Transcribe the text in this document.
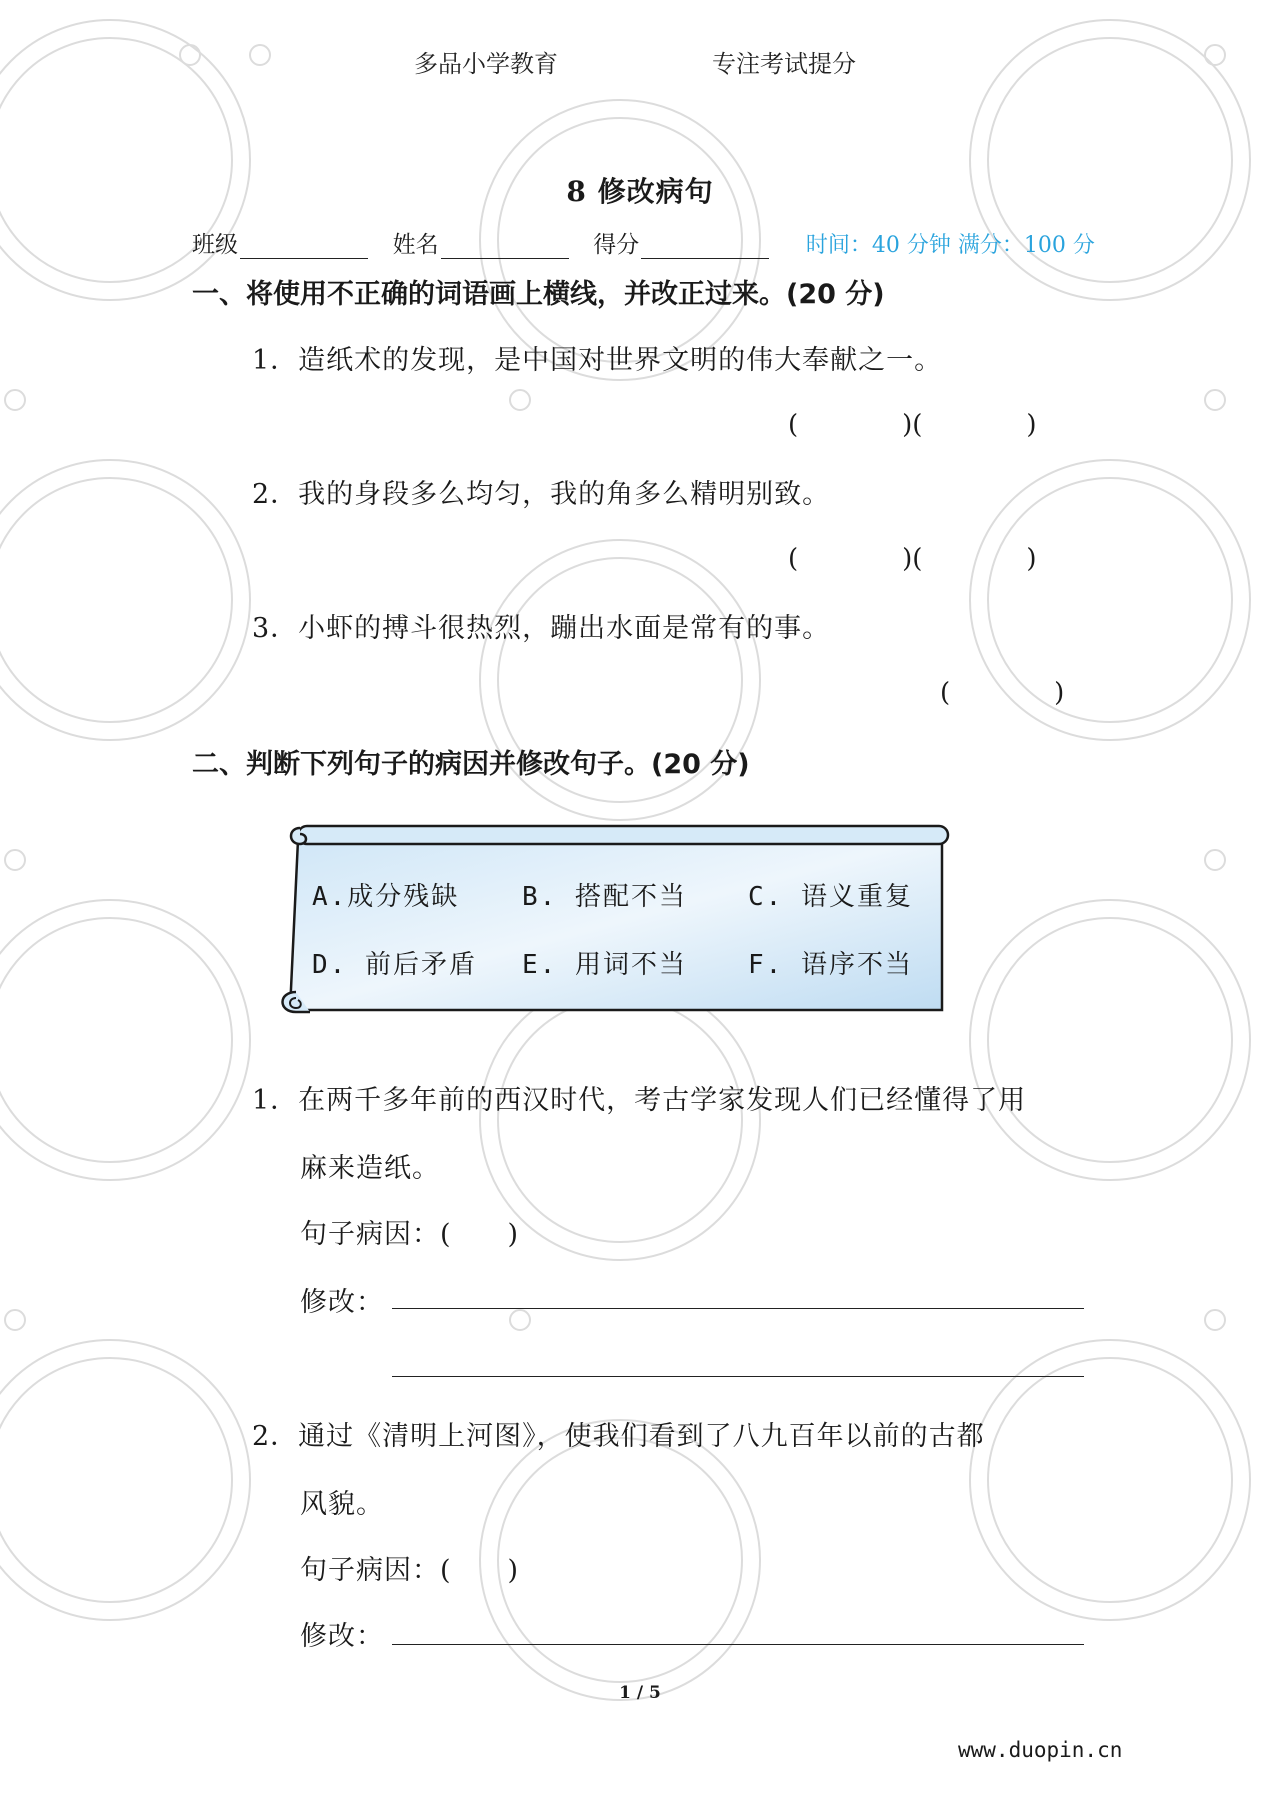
多品小学教育	专注考试提分
8 修改病句
班级	姓名	得分	时间：40 分钟 满分：100 分
一、将使用不正确的词语画上横线，并改正过来。(20 分)
1．造纸术的发现，是中国对世界文明的伟大奉献之一。
(　　　　)(　　　　)
2．我的身段多么均匀，我的角多么精明别致。
(　　　　)(　　　　)
3．小虾的搏斗很热烈，蹦出水面是常有的事。
(　　　　)
二、判断下列句子的病因并修改句子。(20 分)
A.成分残缺 B. 搭配不当 C. 语义重复
D. 前后矛盾 E. 用词不当 F. 语序不当
1．在两千多年前的西汉时代，考古学家发现人们已经懂得了用
麻来造纸。
句子病因：(　　)
修改：
2．通过《清明上河图》，使我们看到了八九百年以前的古都
风貌。
句子病因：(　　)
修改：
1 / 5
www.duopin.cn
